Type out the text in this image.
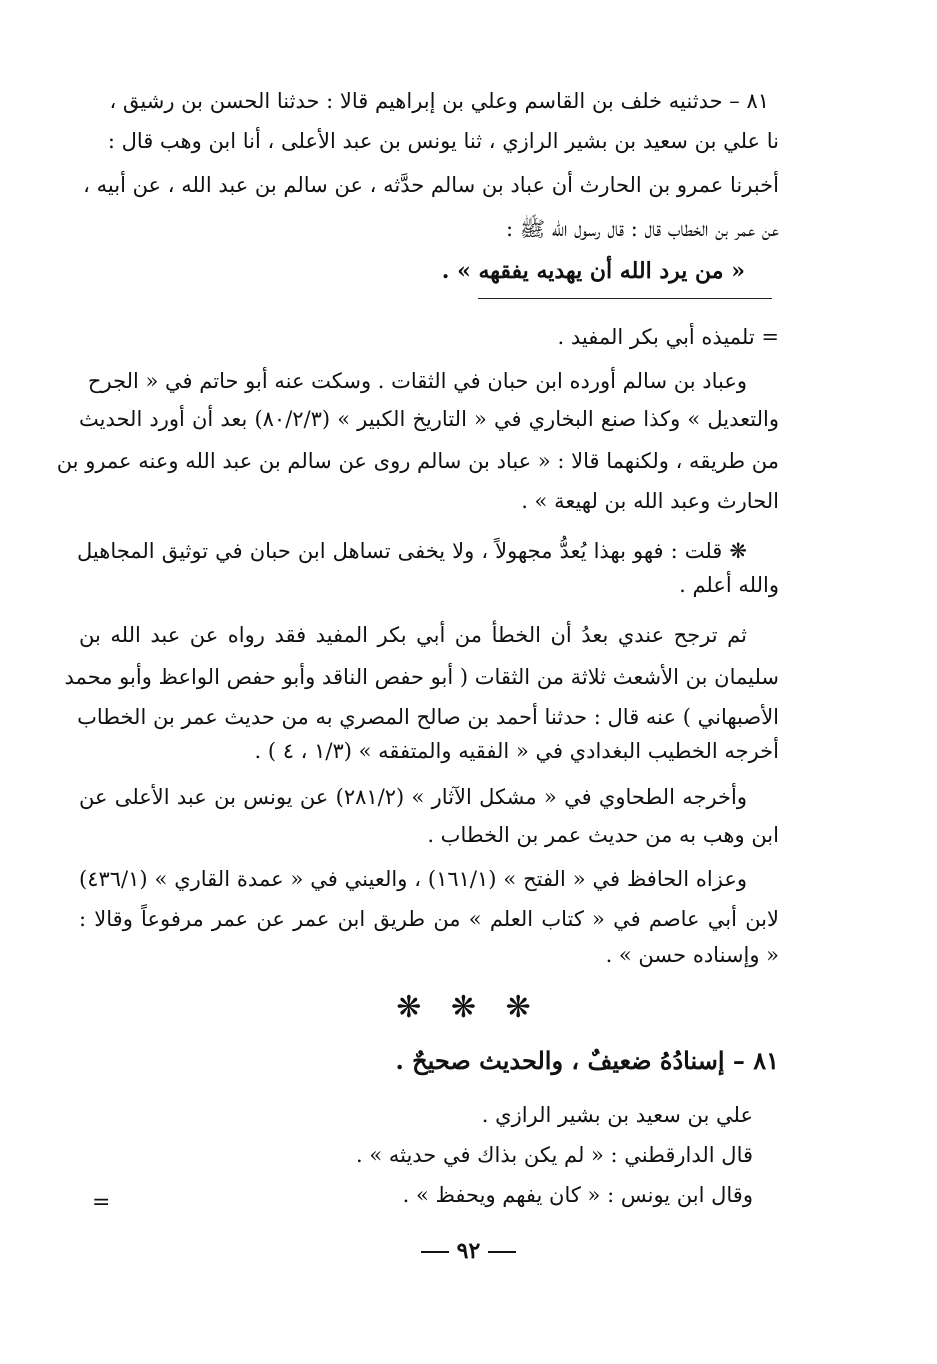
٨١ – حدثنيه خلف بن القاسم وعلي بن إبراهيم قالا : حدثنا الحسن بن رشيق ،
نا علي بن سعيد بن بشير الرازي ، ثنا يونس بن عبد الأعلى ، أنا ابن وهب قال :
أخبرنا عمرو بن الحارث أن عباد بن سالم حدَّثه ، عن سالم بن عبد الله ، عن أبيه ،
عن عمر بن الخطاب قال : قال رسول الله ﷺ :
« من يرد الله أن يهديه يفقهه » .
= تلميذه أبي بكر المفيد .
وعباد بن سالم أورده ابن حبان في الثقات . وسكت عنه أبو حاتم في « الجرح
والتعديل » وكذا صنع البخاري في « التاريخ الكبير » (٨٠/٢/٣) بعد أن أورد الحديث
من طريقه ، ولكنهما قالا : « عباد بن سالم روى عن سالم بن عبد الله وعنه عمرو بن
الحارث وعبد الله بن لهيعة » .
❋ قلت : فهو بهذا يُعدُّ مجهولاً ، ولا يخفى تساهل ابن حبان في توثيق المجاهيل
والله أعلم .
ثم ترجح عندي بعدُ أن الخطأ من أبي بكر المفيد فقد رواه عن عبد الله بن
سليمان بن الأشعث ثلاثة من الثقات ( أبو حفص الناقد وأبو حفص الواعظ وأبو محمد
الأصبهاني ) عنه قال : حدثنا أحمد بن صالح المصري به من حديث عمر بن الخطاب
أخرجه الخطيب البغدادي في « الفقيه والمتفقه » (١/٣ ، ٤ ) .
وأخرجه الطحاوي في « مشكل الآثار » (٢٨١/٢) عن يونس بن عبد الأعلى عن
ابن وهب به من حديث عمر بن الخطاب .
وعزاه الحافظ في « الفتح » (١٦١/١) ، والعيني في « عمدة القاري » (٤٣٦/١)
لابن أبي عاصم في « كتاب العلم » من طريق ابن عمر عن عمر مرفوعاً وقالا :
« وإسناده حسن » .
❋ ❋ ❋
٨١ – إسنادُهُ ضعيفٌ ، والحديث صحيحٌ .
علي بن سعيد بن بشير الرازي .
قال الدارقطني : « لم يكن بذاك في حديثه » .
وقال ابن يونس : « كان يفهم ويحفظ » .
=
٩٢
